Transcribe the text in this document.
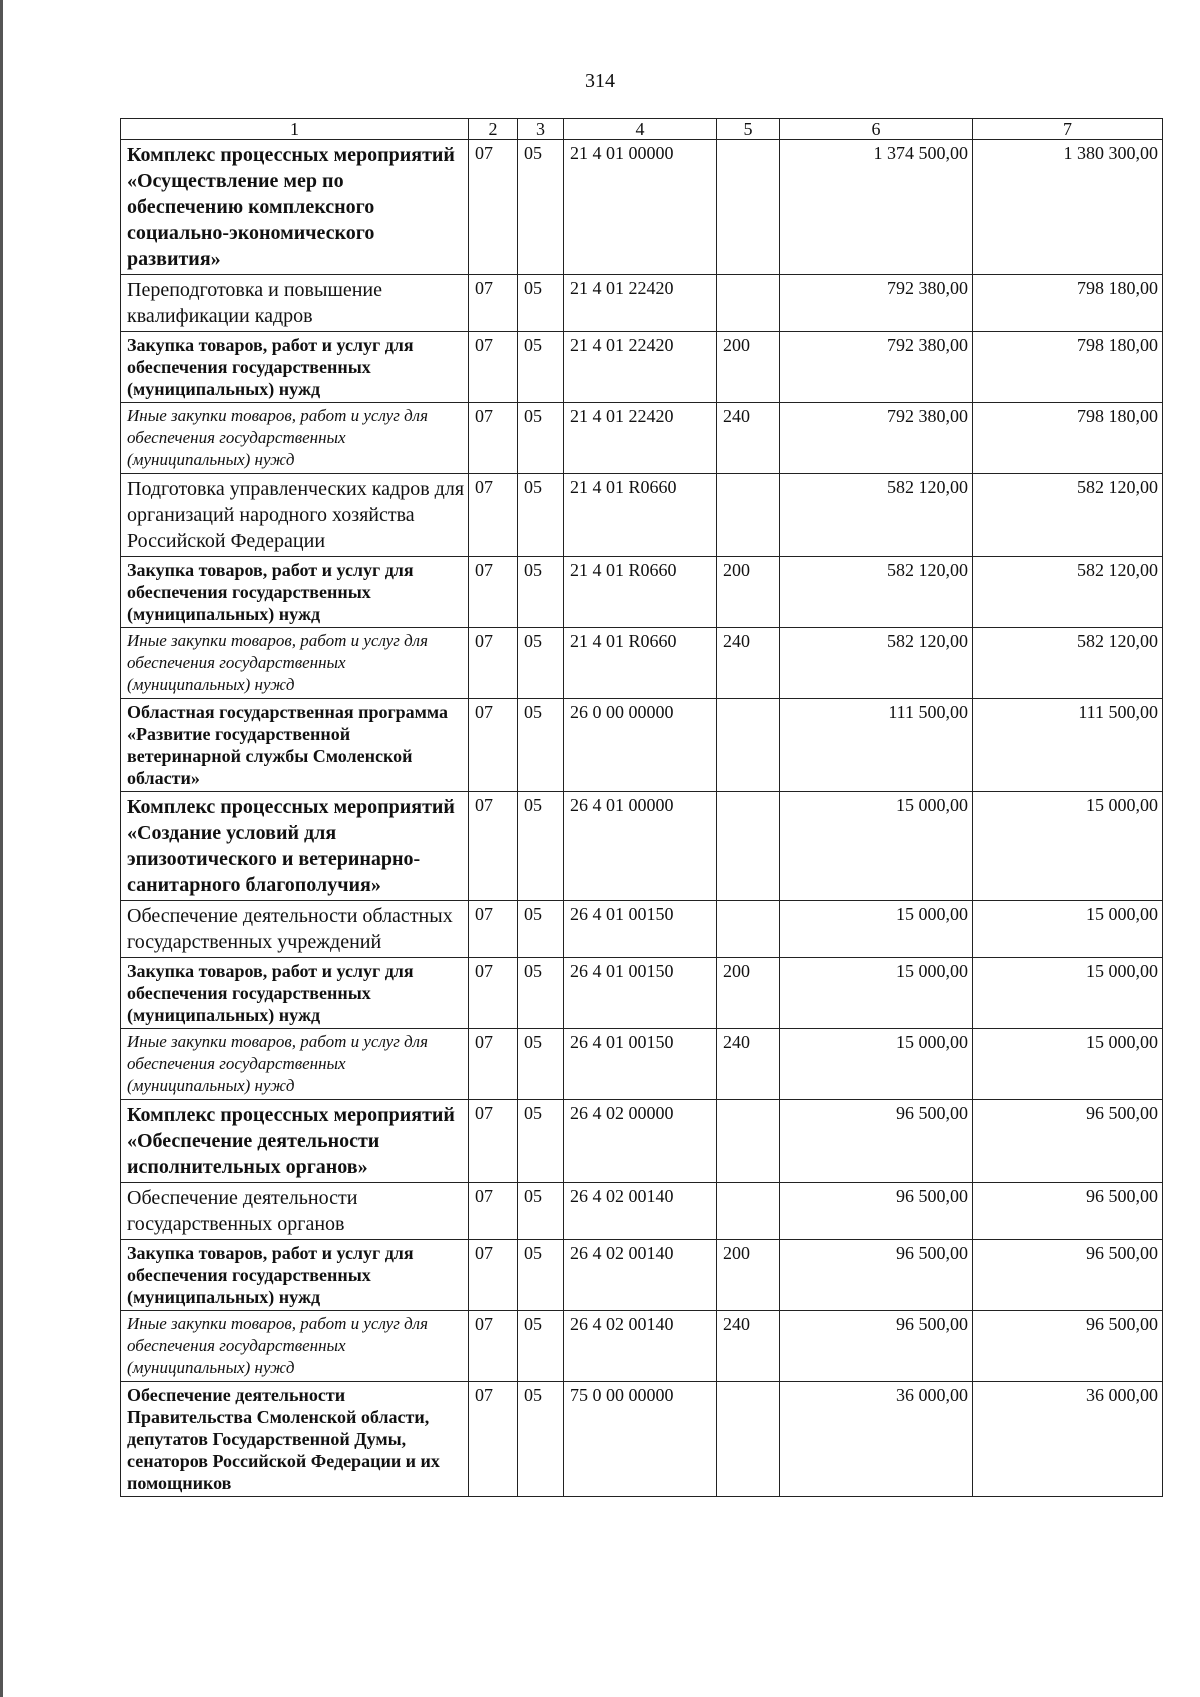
314
1	2	3	4	5	6	7
Комплекс процессных мероприятий «Осуществление мер по обеспечению комплексного социально-экономического развития»	07	05	21 4 01 00000		1 374 500,00	1 380 300,00
Переподготовка и повышение квалификации кадров	07	05	21 4 01 22420		792 380,00	798 180,00
Закупка товаров, работ и услуг для обеспечения государственных (муниципальных) нужд	07	05	21 4 01 22420	200	792 380,00	798 180,00
Иные закупки товаров, работ и услуг для обеспечения государственных (муниципальных) нужд	07	05	21 4 01 22420	240	792 380,00	798 180,00
Подготовка управленческих кадров для организаций народного хозяйства Российской Федерации	07	05	21 4 01 R0660		582 120,00	582 120,00
Закупка товаров, работ и услуг для обеспечения государственных (муниципальных) нужд	07	05	21 4 01 R0660	200	582 120,00	582 120,00
Иные закупки товаров, работ и услуг для обеспечения государственных (муниципальных) нужд	07	05	21 4 01 R0660	240	582 120,00	582 120,00
Областная государственная программа «Развитие государственной ветеринарной службы Смоленской области»	07	05	26 0 00 00000		111 500,00	111 500,00
Комплекс процессных мероприятий «Создание условий для эпизоотического и ветеринарно-санитарного благополучия»	07	05	26 4 01 00000		15 000,00	15 000,00
Обеспечение деятельности областных государственных учреждений	07	05	26 4 01 00150		15 000,00	15 000,00
Закупка товаров, работ и услуг для обеспечения государственных (муниципальных) нужд	07	05	26 4 01 00150	200	15 000,00	15 000,00
Иные закупки товаров, работ и услуг для обеспечения государственных (муниципальных) нужд	07	05	26 4 01 00150	240	15 000,00	15 000,00
Комплекс процессных мероприятий «Обеспечение деятельности исполнительных органов»	07	05	26 4 02 00000		96 500,00	96 500,00
Обеспечение деятельности государственных органов	07	05	26 4 02 00140		96 500,00	96 500,00
Закупка товаров, работ и услуг для обеспечения государственных (муниципальных) нужд	07	05	26 4 02 00140	200	96 500,00	96 500,00
Иные закупки товаров, работ и услуг для обеспечения государственных (муниципальных) нужд	07	05	26 4 02 00140	240	96 500,00	96 500,00
Обеспечение деятельности Правительства Смоленской области, депутатов Государственной Думы, сенаторов Российской Федерации и их помощников	07	05	75 0 00 00000		36 000,00	36 000,00
